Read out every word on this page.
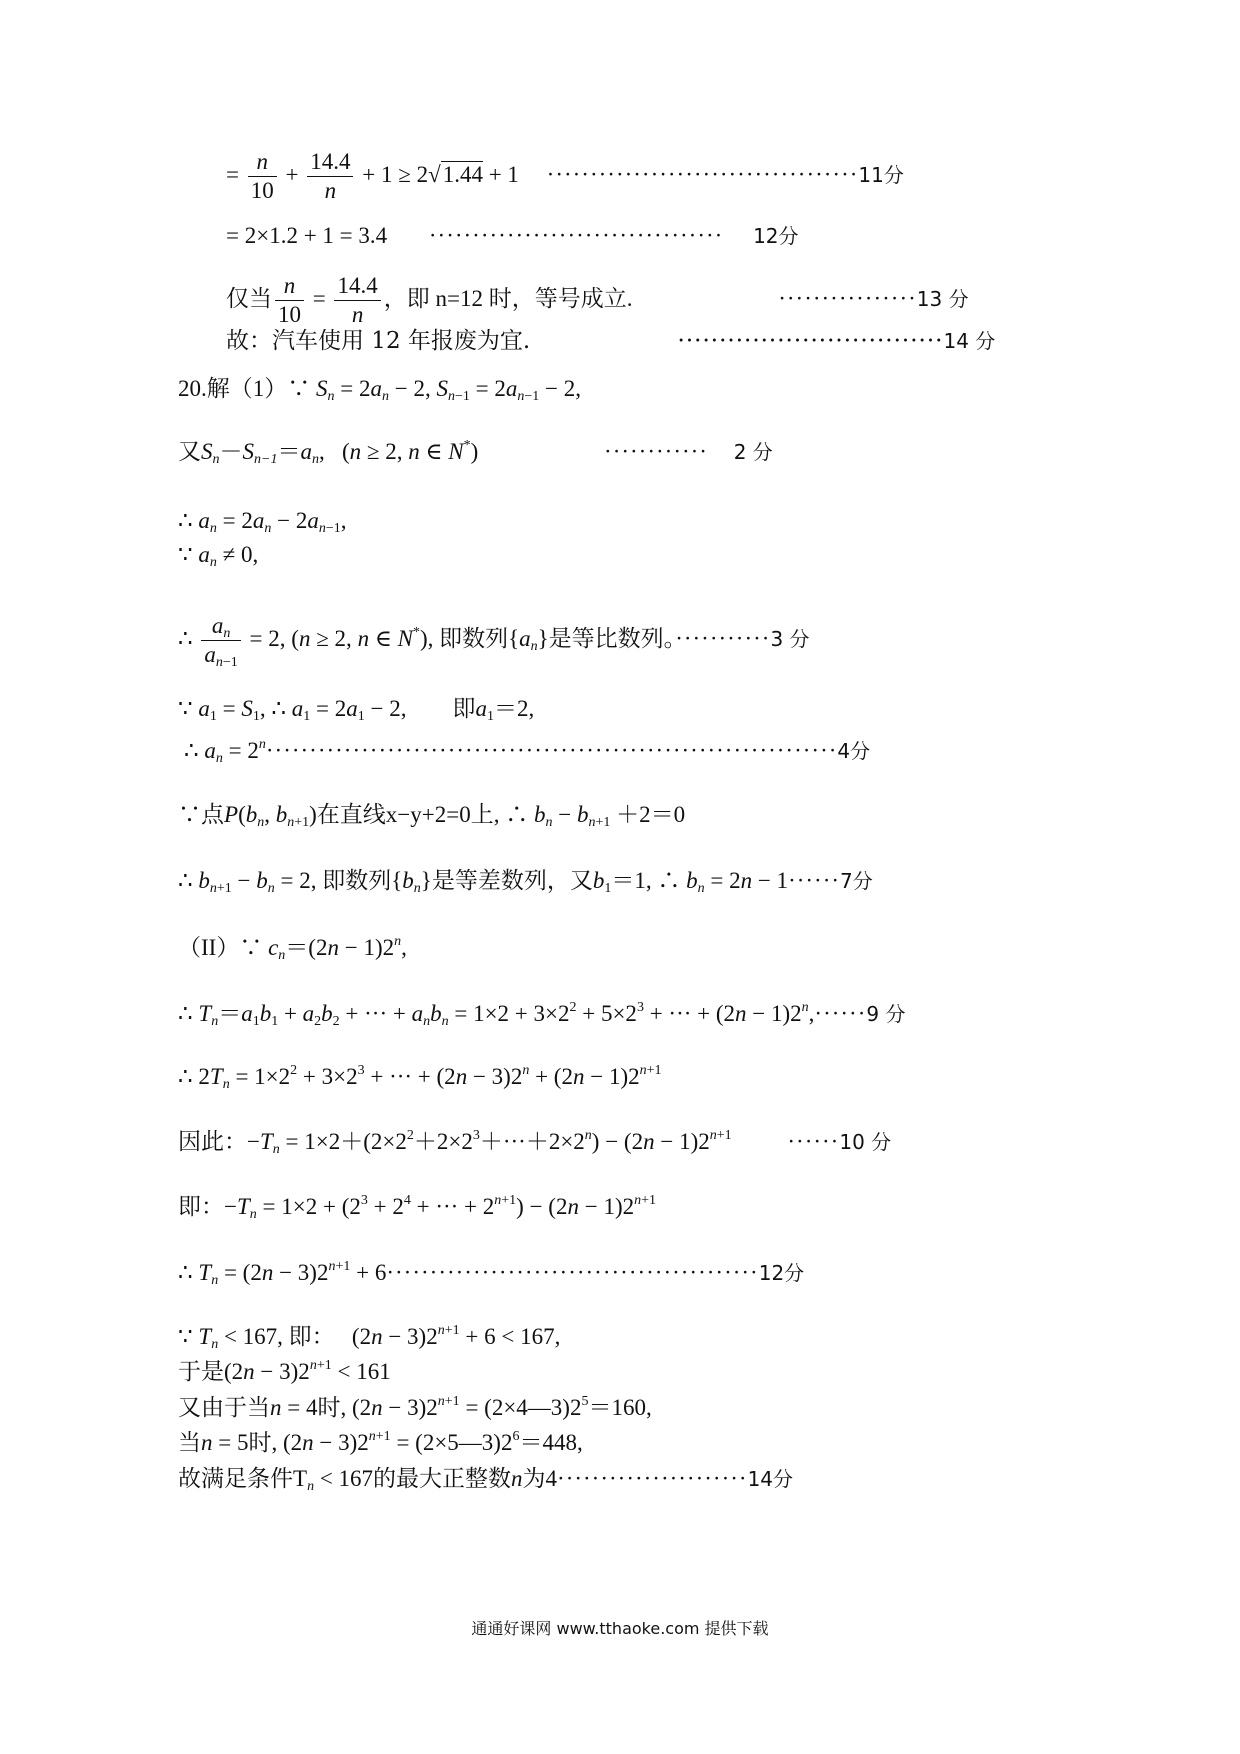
= $\frac{n}{10} + \frac{14.4}{n} + 1 \ge 2√1.44 + 1 \cdot\cdot\cdot\cdot\cdot\cdot\cdot\cdot\cdot\cdot\cdot\cdot\cdot\cdot\cdot\cdot\cdot\cdot\cdot\cdot\cdot\cdot\cdot\cdot\cdot\cdot\cdot\cdot\cdot\cdot\cdot\cdot\cdot\cdot\cdot\cdot 11$分
= 2×1.2 + 1 = 3.4 ·································· 12分
仅当 $\frac{n}{10} = \frac{14.4}{n}$ ，即 n=12 时，等号成立.	················13 分
故：汽车使用 12 年报废为宜.	································14 分
20.解（1）∵ $S_n = 2a_n - 2$, $S_{n-1} = 2a_{n-1} - 2$,
又$S_n-S_{n-1}=a_n$,   (n ≥ 2, n ∈ N*)	············ 2 分
∴ $a_n = 2a_n - 2a_{n-1}$,
∵ $a_n \ne 0$,
∴ $\frac{a_n}{a_{n-1}} = 2$, (n ≥ 2, n ∈ N*), 即数列$\{a_n\}$是等比数列。···········3 分
∵ $a_1 = S_1$, ∴ $a_1 = 2a_1 - 2$,        即$a_1=2$,
∴ $a_n = 2^n\cdot\cdot\cdot\cdot\cdot\cdot\cdot\cdot\cdot\cdot\cdot\cdot\cdot\cdot\cdot\cdot\cdot\cdot\cdot\cdot\cdot\cdot\cdot\cdot\cdot\cdot\cdot\cdot\cdot\cdot\cdot\cdot\cdot\cdot\cdot\cdot\cdot\cdot\cdot\cdot\cdot\cdot\cdot\cdot\cdot\cdot\cdot\cdot\cdot\cdot\cdot\cdot\cdot\cdot\cdot\cdot\cdot\cdot\cdot\cdot\cdot\cdot\cdot\cdot\cdot\cdot 4$分
∵点$P(b_n$, $b_{n+1}$)在直线x−y+2=0上, ∴ $b_n - b_{n+1} +2=0$
∴ $b_{n+1} - b_n = 2$, 即数列$\{b_n\}$是等差数列，又$b_1=1$, ∴ $b_n = 2n - 1\cdot\cdot\cdot\cdot\cdot\cdot 7$分
（II）∵ $c_n=(2n - 1)2^n$,
∴ $T_n=a_1b_1 + a_2b_2$ + ··· + $a_nb_n = 1\times 2 + 3\times 2^2 + 5\times 2^3$ + ··· + $(2n - 1)2^n,\cdot\cdot\cdot\cdot\cdot\cdot 9$ 分
∴ $2T_n = 1\times 2^2 + 3\times 2^3$ + ··· + $(2n - 3)2^n + (2n - 1)2^{n+1}$
因此：$-T_n = 1\times 2+(2\times 2^2+2\times 2^3+\cdot\cdot\cdot+2\times 2^n) - (2n - 1)2^{n+1} \cdot\cdot\cdot\cdot\cdot\cdot 10$ 分
即：$-T_n = 1\times 2 + (2^3 + 2^4$ + ··· + $2^{n+1}) - (2n - 1)2^{n+1}$
∴ $T_n = (2n - 3)2^{n+1} + 6\cdot\cdot\cdot\cdot\cdot\cdot\cdot\cdot\cdot\cdot\cdot\cdot\cdot\cdot\cdot\cdot\cdot\cdot\cdot\cdot\cdot\cdot\cdot\cdot\cdot\cdot\cdot\cdot\cdot\cdot\cdot\cdot\cdot\cdot\cdot\cdot\cdot\cdot\cdot\cdot\cdot\cdot\cdot 12$分
∵ $T_n < 167$, 即：   $(2n - 3)2^{n+1} + 6 < 167$,
于是$(2n - 3)2^{n+1} < 161$
又由于当n = 4时, $(2n - 3)2^{n+1}$ = $(2\times 4—3)2^5=160$,
当n = 5时, $(2n - 3)2^{n+1}$ = $(2\times 5—3)2^6=448$,
故满足条件$T_n < 167$的最大正整数n为4······················14分
通通好课网 www.tthaoke.com 提供下载
